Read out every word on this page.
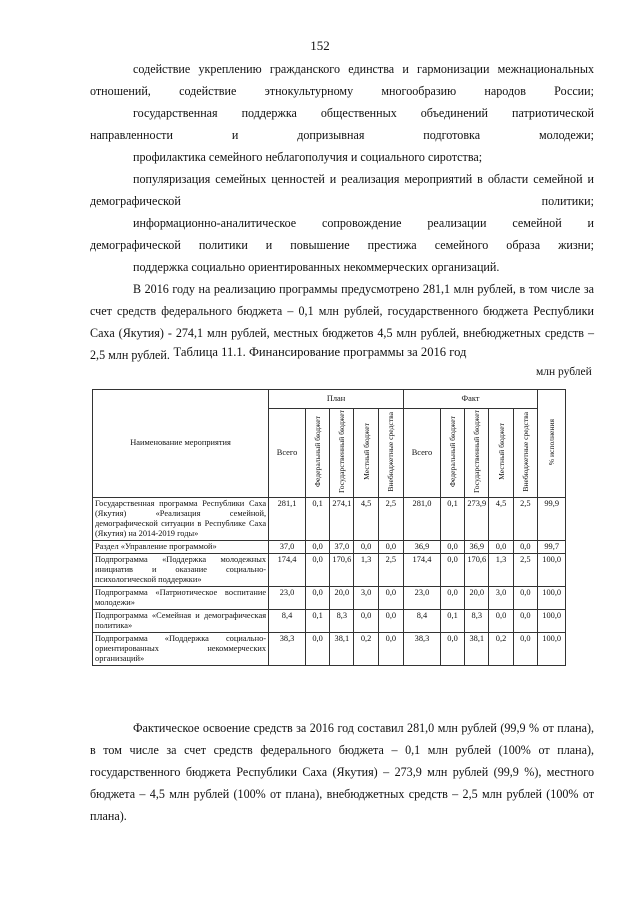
152

содействие укреплению гражданского единства и гармонизации межнациональных отношений, содействие этнокультурному многообразию народов России;

государственная поддержка общественных объединений патриотической направленности и допризывная подготовка молодежи;

профилактика семейного неблагополучия и социального сиротства;

популяризация семейных ценностей и реализация мероприятий в области семейной и демографической политики;

информационно-аналитическое сопровождение реализации семейной и демографической политики и повышение престижа семейного образа жизни;

поддержка социально ориентированных некоммерческих организаций.

В 2016 году на реализацию программы предусмотрено 281,1 млн рублей, в том числе за счет средств федерального бюджета – 0,1 млн рублей, государственного бюджета Республики Саха (Якутия) - 274,1 млн рублей, местных бюджетов 4,5 млн рублей, внебюджетных средств – 2,5 млн рублей. Таблица 11.1. Финансирование программы за 2016 год
млн рублей
Наименование мероприятия	План					Факт					% исполнения
	Всего	Федеральный бюджет	Государственный бюджет	Местный бюджет	Внебюджетные средства	Всего	Федеральный бюджет	Государственный бюджет	Местный бюджет	Внебюджетные средства	
Государственная программа Республики Саха (Якутия) «Реализация семейной, демографической ситуации в Республике Саха (Якутия) на 2014-2019 годы»	281,1	0,1	274,1	4,5	2,5	281,0	0,1	273,9	4,5	2,5	99,9
Раздел «Управление программой»	37,0	0,0	37,0	0,0	0,0	36,9	0,0	36,9	0,0	0,0	99,7
Подпрограмма «Поддержка молодежных инициатив и оказание социально-психологической поддержки»	174,4	0,0	170,6	1,3	2,5	174,4	0,0	170,6	1,3	2,5	100,0
Подпрограмма «Патриотическое воспитание молодежи»	23,0	0,0	20,0	3,0	0,0	23,0	0,0	20,0	3,0	0,0	100,0
Подпрограмма «Семейная и демографическая политика»	8,4	0,1	8,3	0,0	0,0	8,4	0,1	8,3	0,0	0,0	100,0
Подпрограмма «Поддержка социально-ориентированных некоммерческих организаций»	38,3	0,0	38,1	0,2	0,0	38,3	0,0	38,1	0,2	0,0	100,0

Фактическое освоение средств за 2016 год составил 281,0 млн рублей (99,9 % от плана), в том числе за счет средств федерального бюджета – 0,1 млн рублей (100% от плана), государственного бюджета Республики Саха (Якутия) – 273,9 млн рублей (99,9 %), местного бюджета – 4,5 млн рублей (100% от плана), внебюджетных средств – 2,5 млн рублей (100% от плана).
